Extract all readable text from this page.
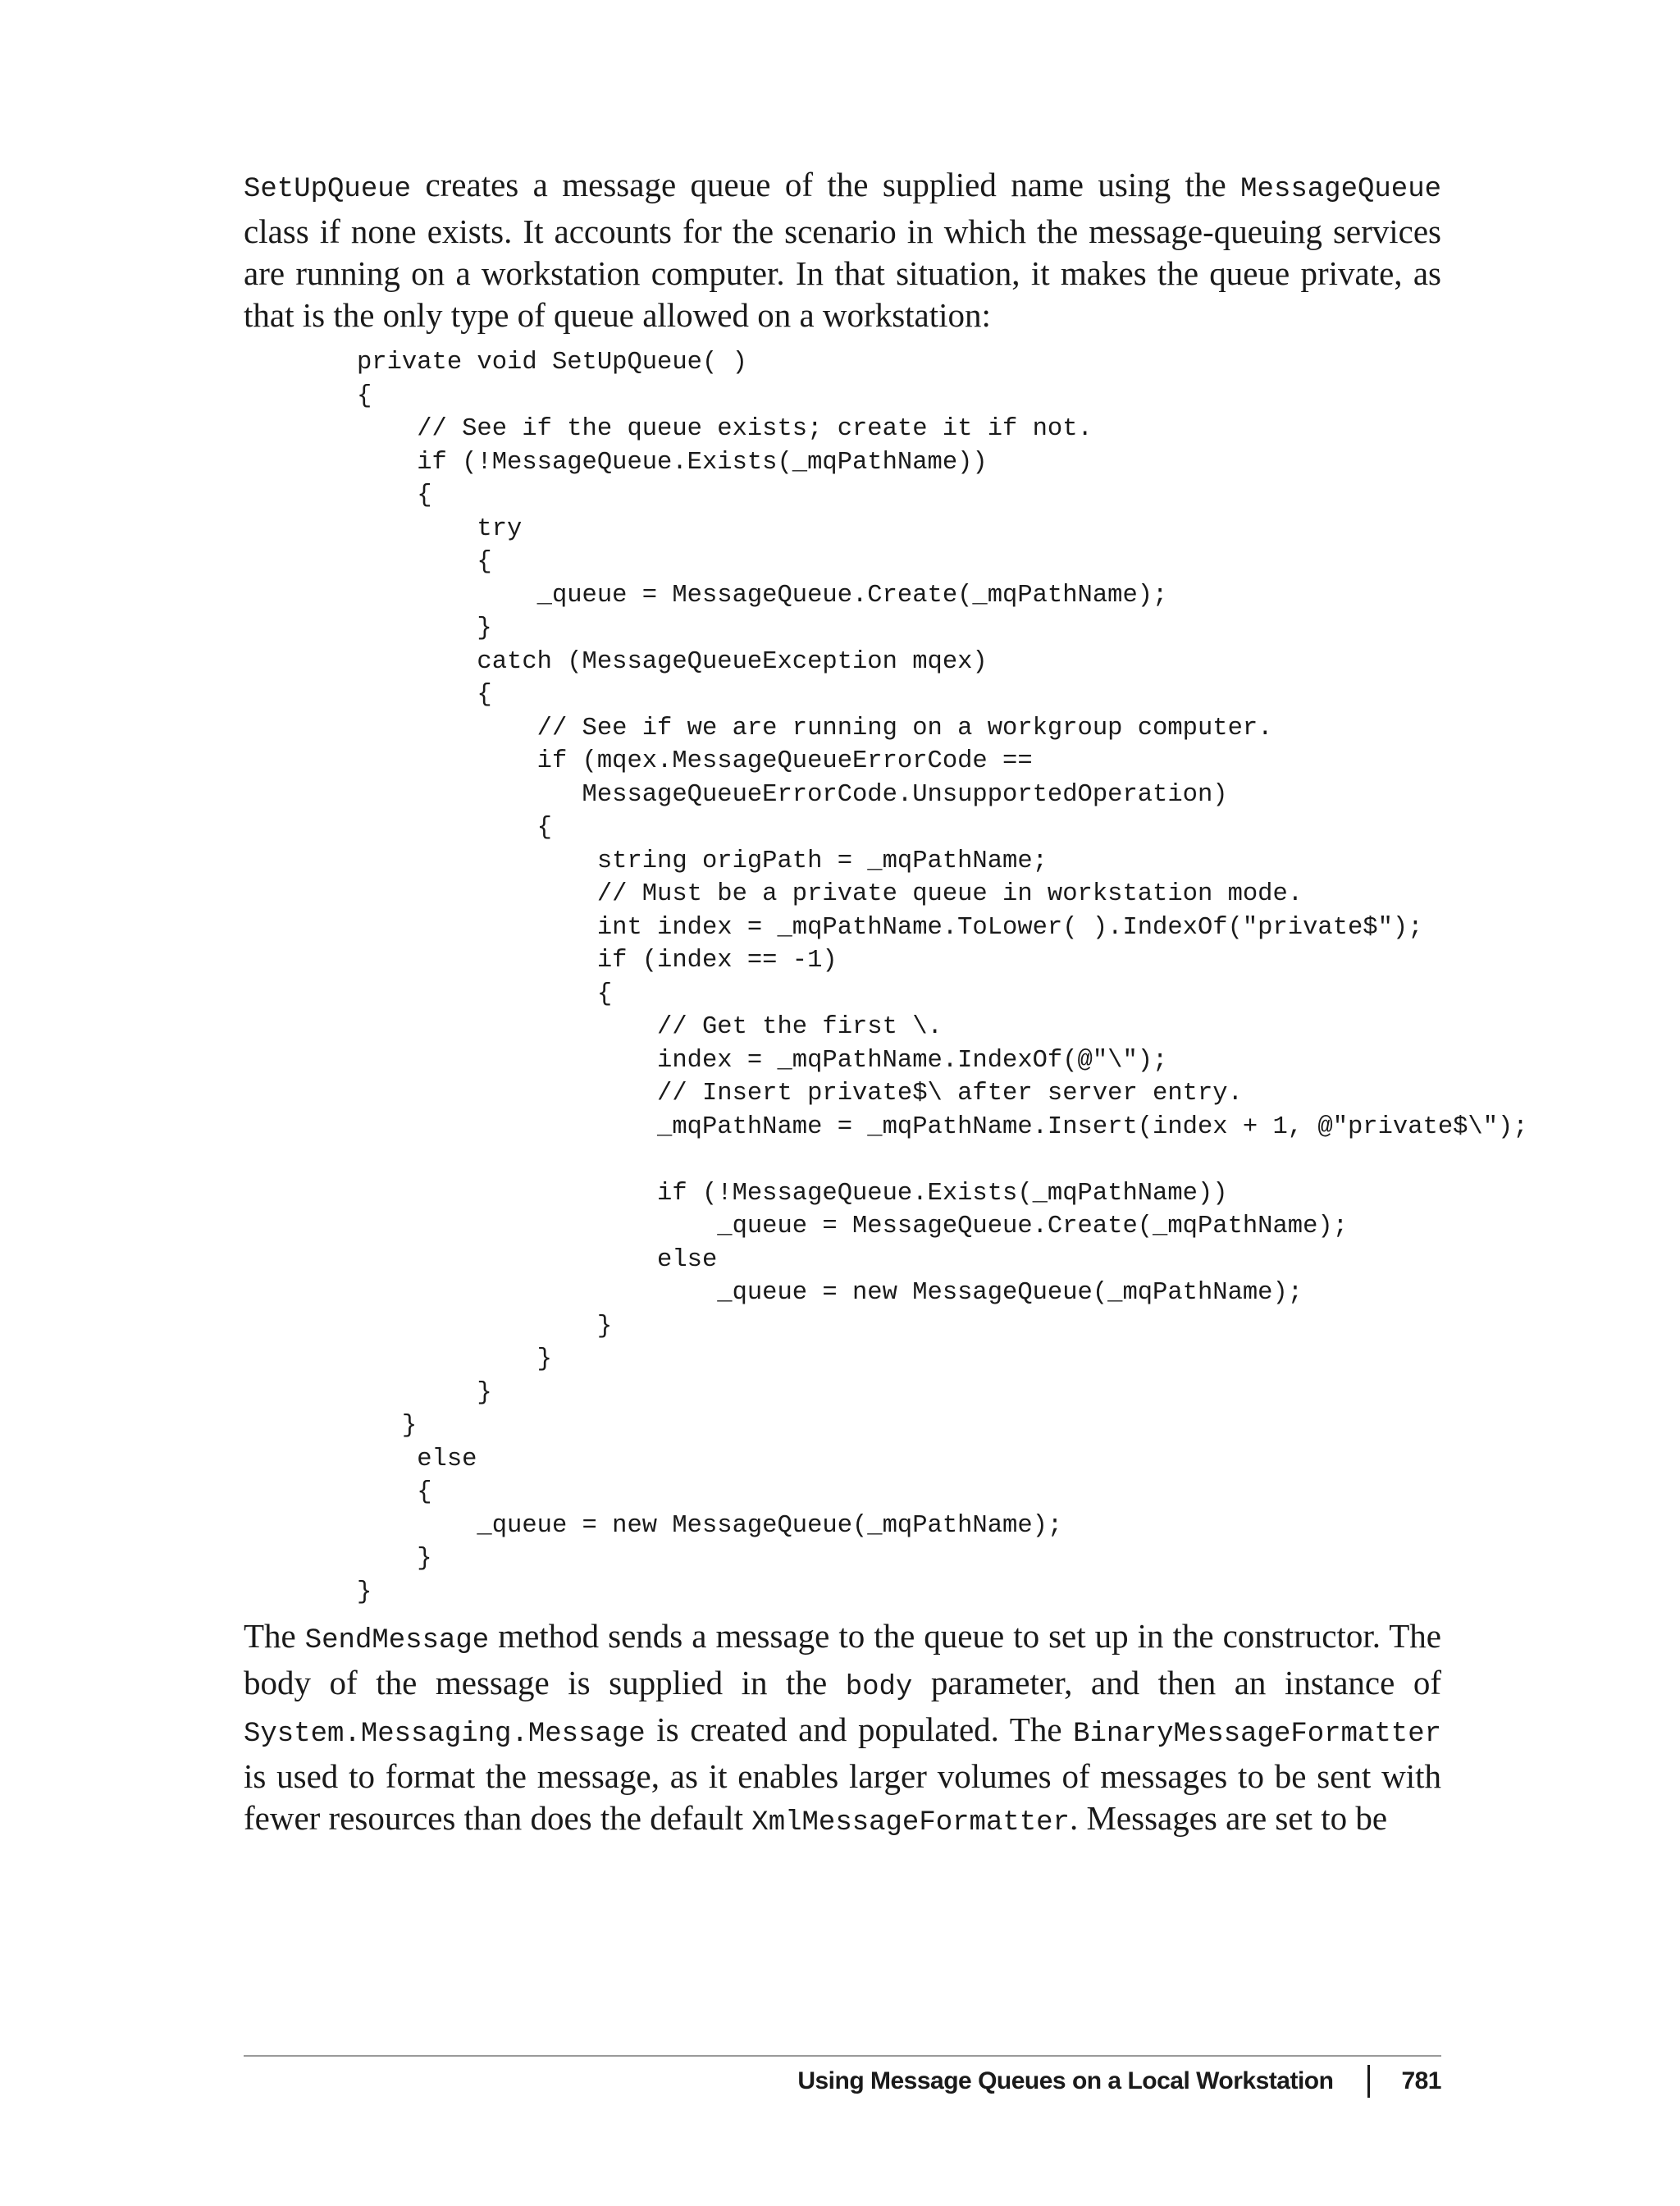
SetUpQueue creates a message queue of the supplied name using the MessageQueue class if none exists. It accounts for the scenario in which the message-queuing services are running on a workstation computer. In that situation, it makes the queue private, as that is the only type of queue allowed on a workstation:

private void SetUpQueue( )
{
// See if the queue exists; create it if not.
if (!MessageQueue.Exists(_mqPathName))
{
try
{
_queue = MessageQueue.Create(_mqPathName);
}
catch (MessageQueueException mqex)
{
// See if we are running on a workgroup computer.
if (mqex.MessageQueueErrorCode ==
MessageQueueErrorCode.UnsupportedOperation)
{
string origPath = _mqPathName;
// Must be a private queue in workstation mode.
int index = _mqPathName.ToLower( ).IndexOf("private$");
if (index == -1)
{
// Get the first \.
index = _mqPathName.IndexOf(@"\");
// Insert private$\ after server entry.
_mqPathName = _mqPathName.Insert(index + 1, @"private$\");

if (!MessageQueue.Exists(_mqPathName))
_queue = MessageQueue.Create(_mqPathName);
else
_queue = new MessageQueue(_mqPathName);
}
}
}
}
else
{
_queue = new MessageQueue(_mqPathName);
}
}

The SendMessage method sends a message to the queue to set up in the constructor. The body of the message is supplied in the body parameter, and then an instance of System.Messaging.Message is created and populated. The BinaryMessageFormatter is used to format the message, as it enables larger volumes of messages to be sent with fewer resources than does the default XmlMessageFormatter. Messages are set to be

Using Message Queues on a Local Workstation	781
